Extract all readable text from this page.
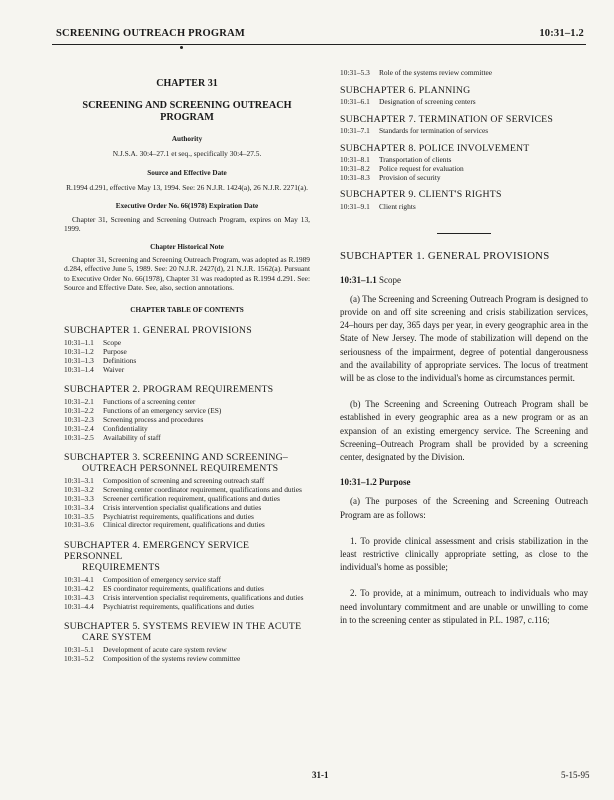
SCREENING OUTREACH PROGRAM	10:31–1.2
CHAPTER 31
SCREENING AND SCREENING OUTREACH PROGRAM
Authority
N.J.S.A. 30:4–27.1 et seq., specifically 30:4–27.5.
Source and Effective Date
R.1994 d.291, effective May 13, 1994. See: 26 N.J.R. 1424(a), 26 N.J.R. 2271(a).
Executive Order No. 66(1978) Expiration Date
Chapter 31, Screening and Screening Outreach Program, expires on May 13, 1999.
Chapter Historical Note
Chapter 31, Screening and Screening Outreach Program, was adopted as R.1989 d.284, effective June 5, 1989. See: 20 N.J.R. 2427(d), 21 N.J.R. 1562(a). Pursuant to Executive Order No. 66(1978), Chapter 31 was readopted as R.1994 d.291. See: Source and Effective Date. See, also, section annotations.
CHAPTER TABLE OF CONTENTS
SUBCHAPTER 1. GENERAL PROVISIONS
10:31–1.1	Scope
10:31–1.2	Purpose
10:31–1.3	Definitions
10:31–1.4	Waiver
SUBCHAPTER 2. PROGRAM REQUIREMENTS
10:31–2.1	Functions of a screening center
10:31–2.2	Functions of an emergency service (ES)
10:31–2.3	Screening process and procedures
10:31–2.4	Confidentiality
10:31–2.5	Availability of staff
SUBCHAPTER 3. SCREENING AND SCREENING–
OUTREACH PERSONNEL REQUIREMENTS
10:31–3.1	Composition of screening and screening outreach staff
10:31–3.2	Screening center coordinator requirement, qualifications and duties
10:31–3.3	Screener certification requirement, qualifications and duties
10:31–3.4	Crisis intervention specialist qualifications and duties
10:31–3.5	Psychiatrist requirements, qualifications and duties
10:31–3.6	Clinical director requirement, qualifications and duties
SUBCHAPTER 4. EMERGENCY SERVICE PERSONNEL
REQUIREMENTS
10:31–4.1	Composition of emergency service staff
10:31–4.2	ES coordinator requirements, qualifications and duties
10:31–4.3	Crisis intervention specialist requirements, qualifications and duties
10:31–4.4	Psychiatrist requirements, qualifications and duties
SUBCHAPTER 5. SYSTEMS REVIEW IN THE ACUTE
CARE SYSTEM
10:31–5.1	Development of acute care system review
10:31–5.2	Composition of the systems review committee
10:31–5.3	Role of the systems review committee
SUBCHAPTER 6. PLANNING
10:31–6.1	Designation of screening centers
SUBCHAPTER 7. TERMINATION OF SERVICES
10:31–7.1	Standards for termination of services
SUBCHAPTER 8. POLICE INVOLVEMENT
10:31–8.1	Transportation of clients
10:31–8.2	Police request for evaluation
10:31–8.3	Provision of security
SUBCHAPTER 9. CLIENT'S RIGHTS
10:31–9.1	Client rights
SUBCHAPTER 1. GENERAL PROVISIONS
10:31–1.1 Scope
(a) The Screening and Screening Outreach Program is designed to provide on and off site screening and crisis stabilization services, 24–hours per day, 365 days per year, in every geographic area in the State of New Jersey. The mode of stabilization will depend on the seriousness of the impairment, degree of potential dangerousness and the availability of appropriate services. The locus of treatment will be as close to the individual's home as circumstances permit.
(b) The Screening and Screening Outreach Program shall be established in every geographic area as a new program or as an expansion of an existing emergency service. The Screening and Screening–Outreach Program shall be provided by a screening center, designated by the Division.
10:31–1.2 Purpose
(a) The purposes of the Screening and Screening Outreach Program are as follows:
1. To provide clinical assessment and crisis stabilization in the least restrictive clinically appropriate setting, as close to the individual's home as possible;
2. To provide, at a minimum, outreach to individuals who may need involuntary commitment and are unable or unwilling to come in to the screening center as stipulated in P.L. 1987, c.116;
31-1	5-15-95
